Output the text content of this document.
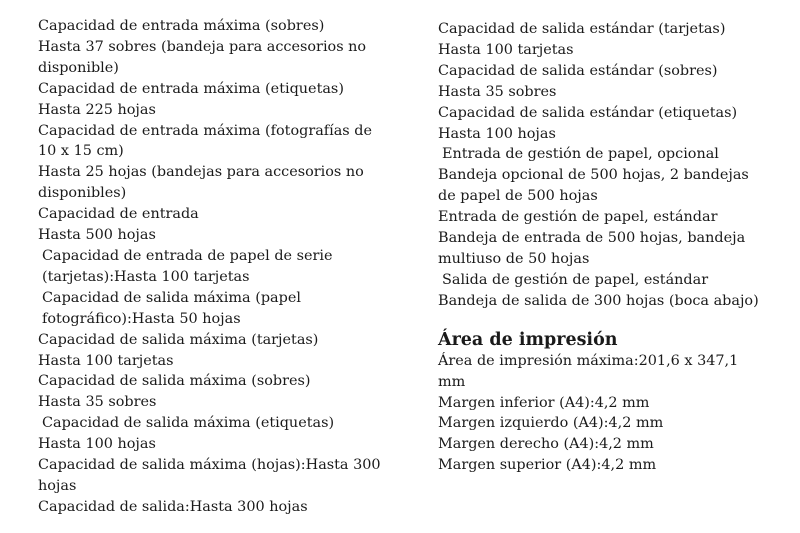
Capacidad de entrada máxima (sobres)
Hasta 37 sobres (bandeja para accesorios no disponible)
Capacidad de entrada máxima (etiquetas)
Hasta 225 hojas
Capacidad de entrada máxima (fotografías de 10 x 15 cm)
Hasta 25 hojas (bandejas para accesorios no disponibles)
Capacidad de entrada
Hasta 500 hojas
Capacidad de entrada de papel de serie (tarjetas):Hasta 100 tarjetas
Capacidad de salida máxima (papel fotográfico):Hasta 50 hojas
Capacidad de salida máxima (tarjetas)
Hasta 100 tarjetas
Capacidad de salida máxima (sobres)
Hasta 35 sobres
Capacidad de salida máxima (etiquetas)
Hasta 100 hojas
Capacidad de salida máxima (hojas):Hasta 300 hojas
Capacidad de salida:Hasta 300 hojas
Capacidad de salida estándar (tarjetas)
Hasta 100 tarjetas
Capacidad de salida estándar (sobres)
Hasta 35 sobres
Capacidad de salida estándar (etiquetas)
Hasta 100 hojas
Entrada de gestión de papel, opcional
Bandeja opcional de 500 hojas, 2 bandejas de papel de 500 hojas
Entrada de gestión de papel, estándar
Bandeja de entrada de 500 hojas, bandeja multiuso de 50 hojas
Salida de gestión de papel, estándar
Bandeja de salida de 300 hojas (boca abajo)
Área de impresión
Área de impresión máxima:201,6 x 347,1 mm
Margen inferior (A4):4,2 mm
Margen izquierdo (A4):4,2 mm
Margen derecho (A4):4,2 mm
Margen superior (A4):4,2 mm
